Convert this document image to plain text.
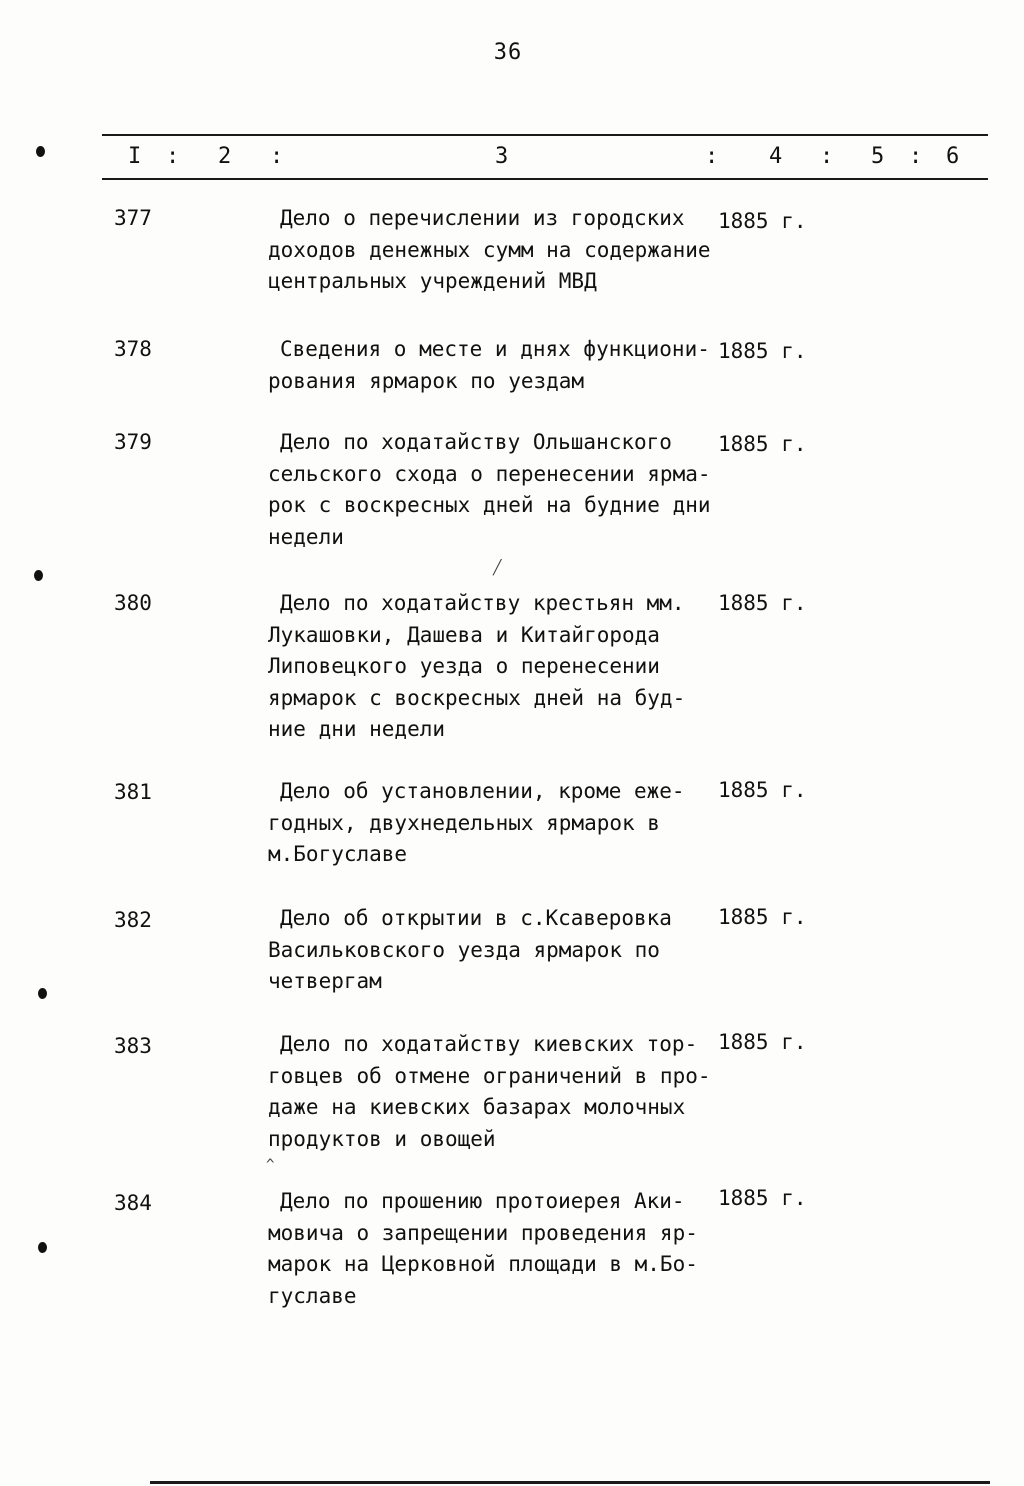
36
I : 2 :	3	: 4 : 5 : 6
377	Дело о перечислении из городских
доходов денежных сумм на содержание
центральных учреждений МВД
1885 г.
378	Сведения о месте и днях функциони-
рования ярмарок по уездам
1885 г.
379	Дело по ходатайству Ольшанского
сельского схода о перенесении ярма-
рок с воскресных дней на будние дни
недели
1885 г.
380	Дело по ходатайству крестьян мм.
Лукашовки, Дашева и Китайгорода
Липовецкого уезда о перенесении
ярмарок с воскресных дней на буд-
ние дни недели
1885 г.
381	Дело об установлении, кроме еже-
годных, двухнедельных ярмарок в
м.Богуславе
1885 г.
382	Дело об открытии в с.Ксаверовка
Васильковского уезда ярмарок по
четвергам
1885 г.
383	Дело по ходатайству киевских тор-
говцев об отмене ограничений в про-
даже на киевских базарах молочных
продуктов и овощей
1885 г.
384	Дело по прошению протоиерея Аки-
мовича о запрещении проведения яр-
марок на Церковной площади в м.Бо-
гуславе
1885 г.
╱
^
